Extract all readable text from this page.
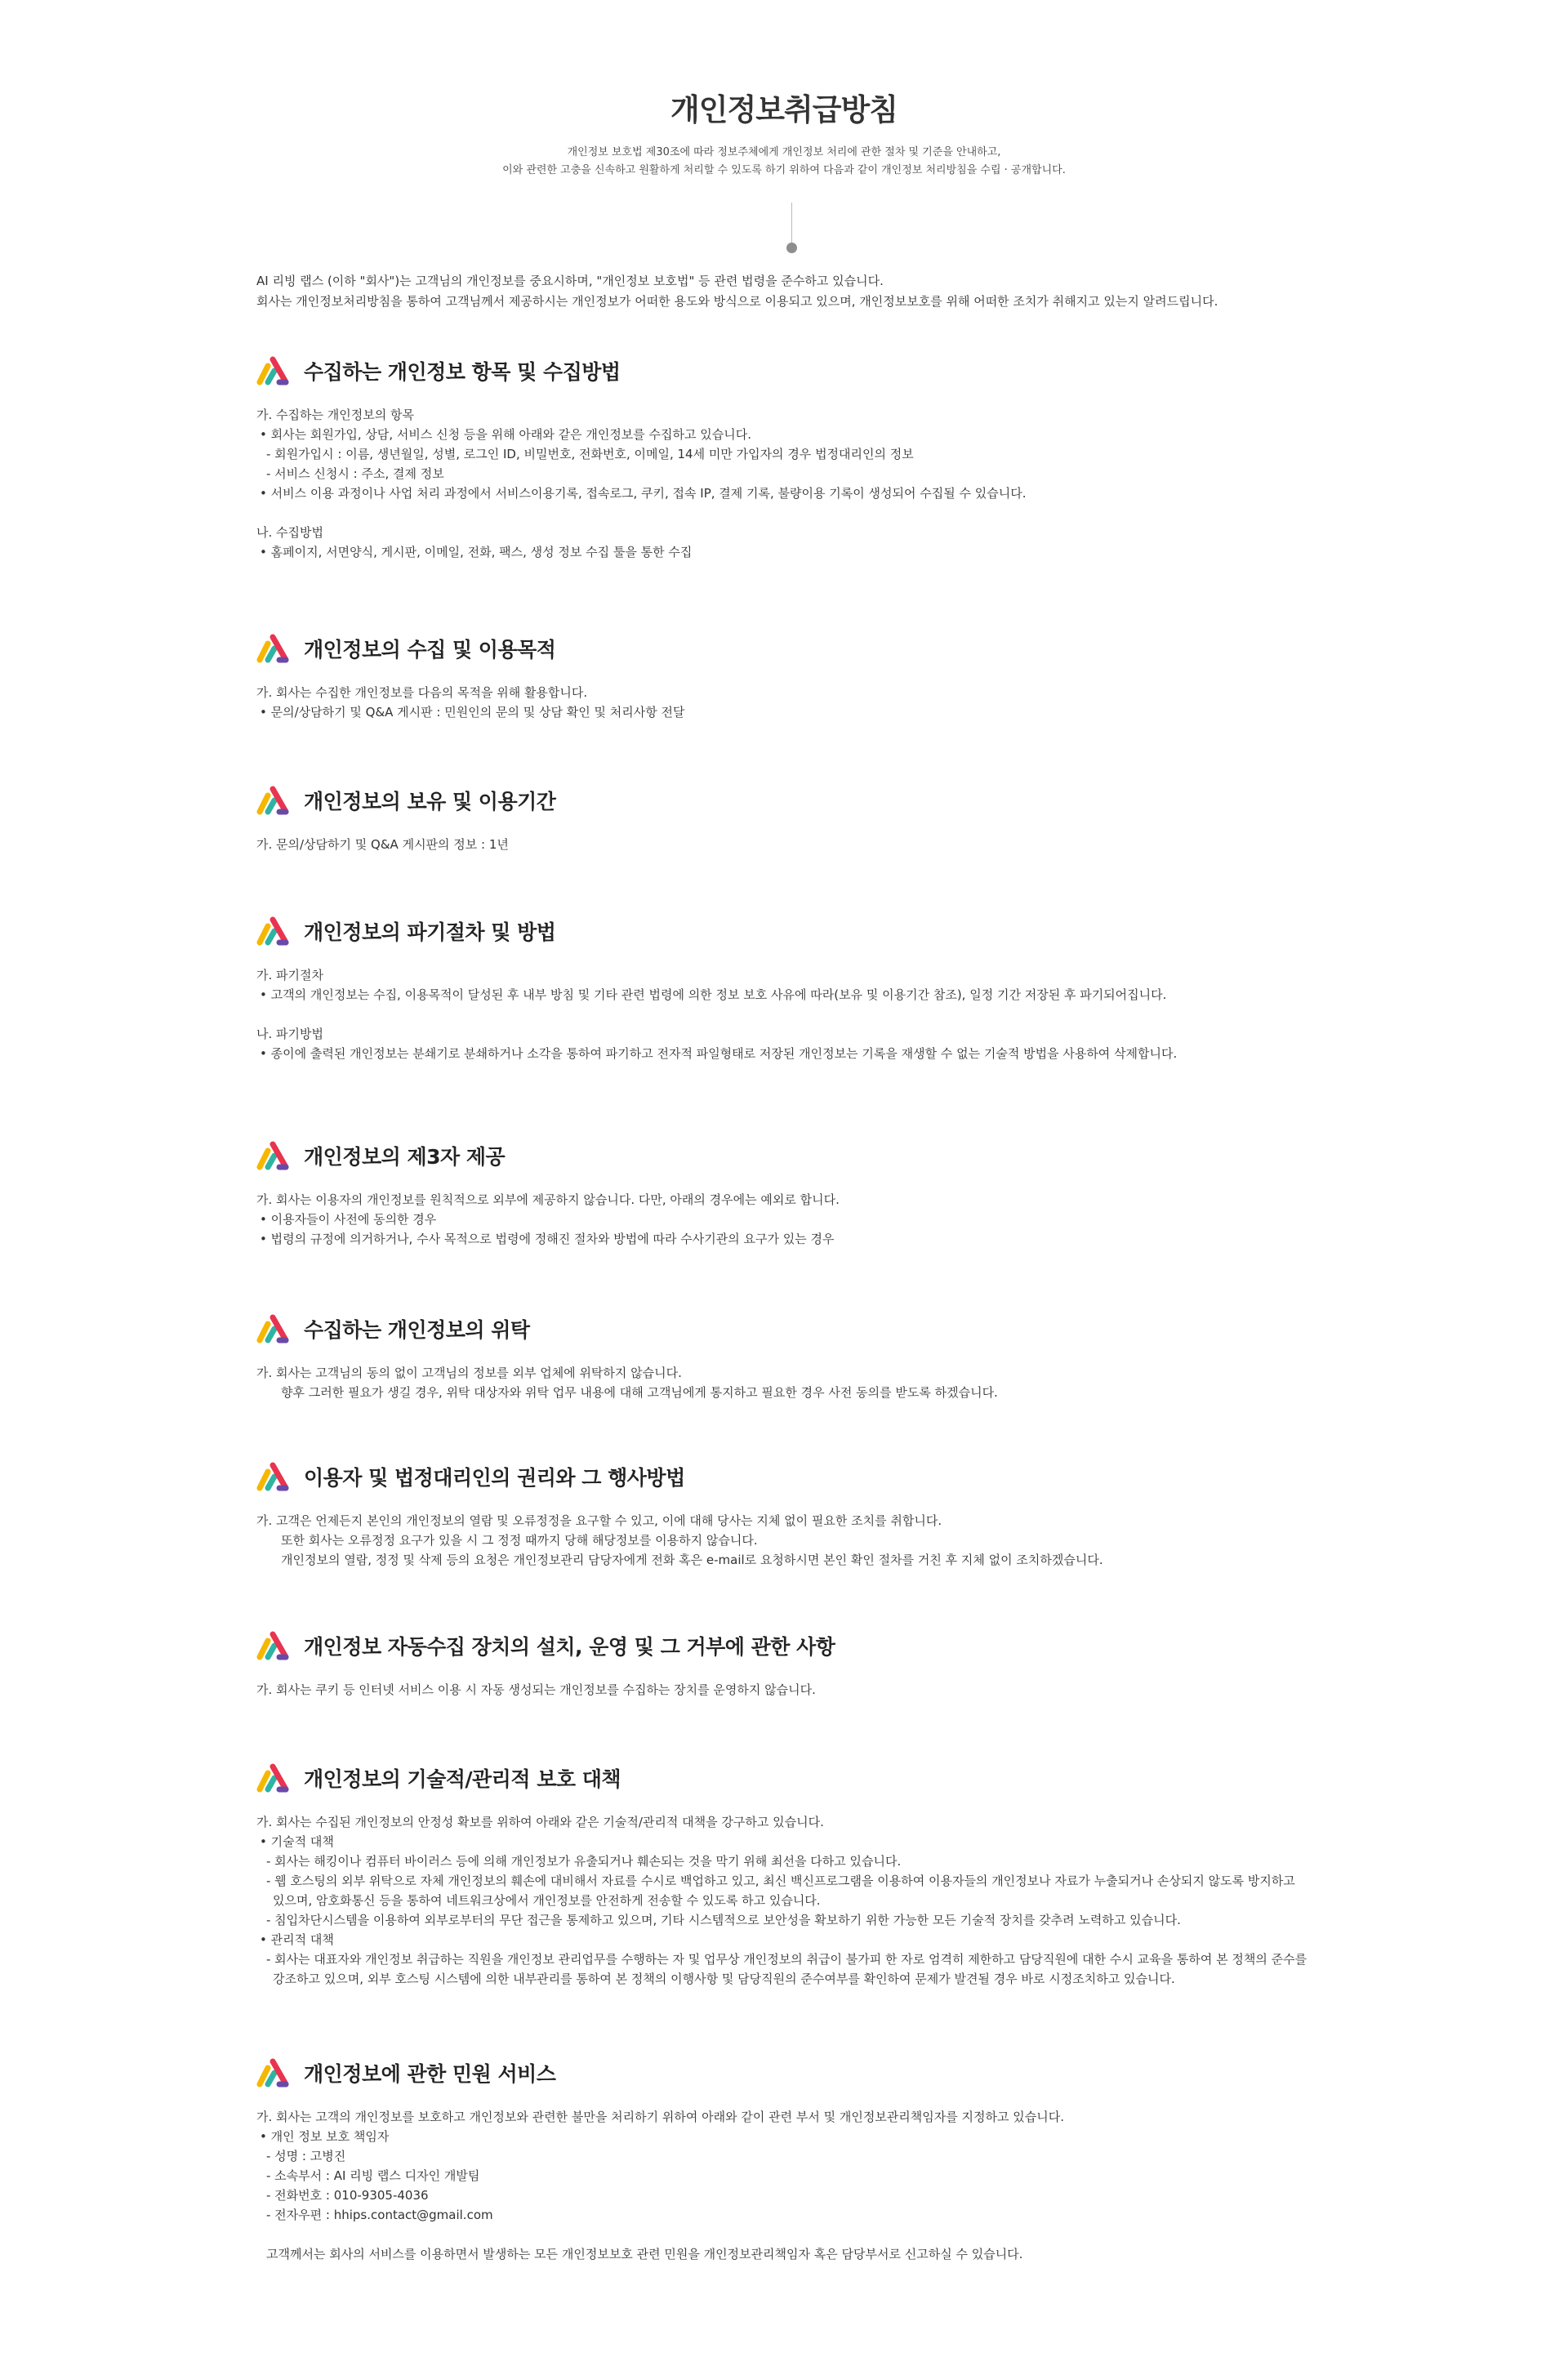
개인정보취급방침
개인정보 보호법 제30조에 따라 정보주체에게 개인정보 처리에 관한 절차 및 기준을 안내하고,
이와 관련한 고충을 신속하고 원활하게 처리할 수 있도록 하기 위하여 다음과 같이 개인정보 처리방침을 수립 · 공개합니다.

AI 리빙 랩스 (이하 "회사")는 고객님의 개인정보를 중요시하며, "개인정보 보호법" 등 관련 법령을 준수하고 있습니다.

회사는 개인정보처리방침을 통하여 고객님께서 제공하시는 개인정보가 어떠한 용도와 방식으로 이용되고 있으며, 개인정보보호를 위해 어떠한 조치가 취해지고 있는지 알려드립니다.

수집하는 개인정보 항목 및 수집방법
가. 수집하는 개인정보의 항목
• 회사는 회원가입, 상담, 서비스 신청 등을 위해 아래와 같은 개인정보를 수집하고 있습니다.
- 회원가입시 : 이름, 생년월일, 성별, 로그인 ID, 비밀번호, 전화번호, 이메일, 14세 미만 가입자의 경우 법정대리인의 정보
- 서비스 신청시 : 주소, 결제 정보
• 서비스 이용 과정이나 사업 처리 과정에서 서비스이용기록, 접속로그, 쿠키, 접속 IP, 결제 기록, 불량이용 기록이 생성되어 수집될 수 있습니다.
나. 수집방법
• 홈페이지, 서면양식, 게시판, 이메일, 전화, 팩스, 생성 정보 수집 툴을 통한 수집
개인정보의 수집 및 이용목적
가. 회사는 수집한 개인정보를 다음의 목적을 위해 활용합니다.
• 문의/상담하기 및 Q&A 게시판 : 민원인의 문의 및 상담 확인 및 처리사항 전달
개인정보의 보유 및 이용기간
가. 문의/상담하기 및 Q&A 게시판의 정보 : 1년
개인정보의 파기절차 및 방법
가. 파기절차
• 고객의 개인정보는 수집, 이용목적이 달성된 후 내부 방침 및 기타 관련 법령에 의한 정보 보호 사유에 따라(보유 및 이용기간 참조), 일정 기간 저장된 후 파기되어집니다.
나. 파기방법
• 종이에 출력된 개인정보는 분쇄기로 분쇄하거나 소각을 통하여 파기하고 전자적 파일형태로 저장된 개인정보는 기록을 재생할 수 없는 기술적 방법을 사용하여 삭제합니다.
개인정보의 제3자 제공
가. 회사는 이용자의 개인정보를 원칙적으로 외부에 제공하지 않습니다. 다만, 아래의 경우에는 예외로 합니다.
• 이용자들이 사전에 동의한 경우
• 법령의 규정에 의거하거나, 수사 목적으로 법령에 정해진 절차와 방법에 따라 수사기관의 요구가 있는 경우
수집하는 개인정보의 위탁
가. 회사는 고객님의 동의 없이 고객님의 정보를 외부 업체에 위탁하지 않습니다.
향후 그러한 필요가 생길 경우, 위탁 대상자와 위탁 업무 내용에 대해 고객님에게 통지하고 필요한 경우 사전 동의를 받도록 하겠습니다.
이용자 및 법정대리인의 권리와 그 행사방법
가. 고객은 언제든지 본인의 개인정보의 열람 및 오류정정을 요구할 수 있고, 이에 대해 당사는 지체 없이 필요한 조치를 취합니다.
또한 회사는 오류정정 요구가 있을 시 그 정정 때까지 당해 해당정보를 이용하지 않습니다.
개인정보의 열람, 정정 및 삭제 등의 요청은 개인정보관리 담당자에게 전화 혹은 e-mail로 요청하시면 본인 확인 절차를 거친 후 지체 없이 조치하겠습니다.
개인정보 자동수집 장치의 설치, 운영 및 그 거부에 관한 사항
가. 회사는 쿠키 등 인터넷 서비스 이용 시 자동 생성되는 개인정보를 수집하는 장치를 운영하지 않습니다.
개인정보의 기술적/관리적 보호 대책
가. 회사는 수집된 개인정보의 안정성 확보를 위하여 아래와 같은 기술적/관리적 대책을 강구하고 있습니다.
• 기술적 대책
- 회사는 해킹이나 컴퓨터 바이러스 등에 의해 개인정보가 유출되거나 훼손되는 것을 막기 위해 최선을 다하고 있습니다.
- 웹 호스팅의 외부 위탁으로 자체 개인정보의 훼손에 대비해서 자료를 수시로 백업하고 있고, 최신 백신프로그램을 이용하여 이용자들의 개인정보나 자료가 누출되거나 손상되지 않도록 방지하고
있으며, 암호화통신 등을 통하여 네트워크상에서 개인정보를 안전하게 전송할 수 있도록 하고 있습니다.
- 침입차단시스템을 이용하여 외부로부터의 무단 접근을 통제하고 있으며, 기타 시스템적으로 보안성을 확보하기 위한 가능한 모든 기술적 장치를 갖추려 노력하고 있습니다.
• 관리적 대책
- 회사는 대표자와 개인정보 취급하는 직원을 개인정보 관리업무를 수행하는 자 및 업무상 개인정보의 취급이 불가피 한 자로 엄격히 제한하고 담당직원에 대한 수시 교육을 통하여 본 정책의 준수를
강조하고 있으며, 외부 호스팅 시스템에 의한 내부관리를 통하여 본 정책의 이행사항 및 담당직원의 준수여부를 확인하여 문제가 발견될 경우 바로 시정조치하고 있습니다.
개인정보에 관한 민원 서비스
가. 회사는 고객의 개인정보를 보호하고 개인정보와 관련한 불만을 처리하기 위하여 아래와 같이 관련 부서 및 개인정보관리책임자를 지정하고 있습니다.
• 개인 정보 보호 책임자
- 성명 : 고병진
- 소속부서 : AI 리빙 랩스 디자인 개발팀
- 전화번호 : 010-9305-4036
- 전자우편 : hhips.contact@gmail.com
고객께서는 회사의 서비스를 이용하면서 발생하는 모든 개인정보보호 관련 민원을 개인정보관리책임자 혹은 담당부서로 신고하실 수 있습니다.
